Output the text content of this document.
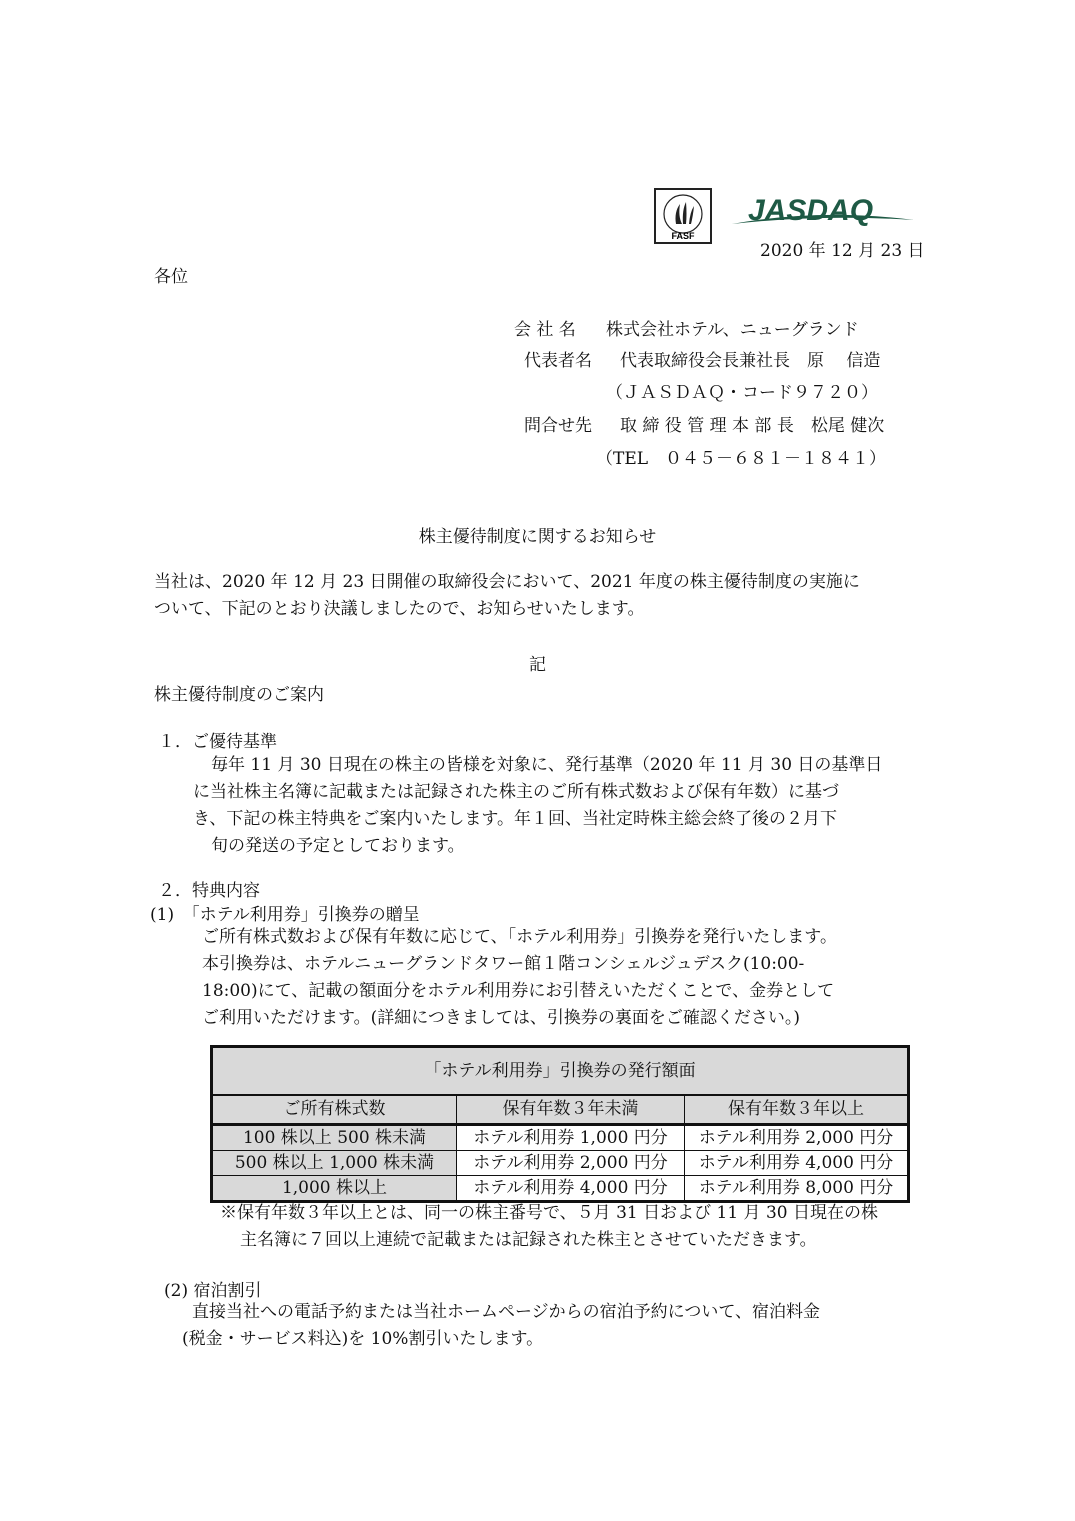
FASF
JASDAQ
2020 年 12 月 23 日
各位
会 社 名 株式会社ホテル、ニューグランド
代表者名 代表取締役会長兼社長　原　 信造
（ＪＡＳＤＡＱ・コード９７２０）
問合せ先 取 締 役 管 理 本 部 長　松尾 健次
（TEL　０４５－６８１－１８４１）
株主優待制度に関するお知らせ
当社は、2020 年 12 月 23 日開催の取締役会において、2021 年度の株主優待制度の実施に
ついて、下記のとおり決議しましたので、お知らせいたします。
記
株主優待制度のご案内
１．ご優待基準
毎年 11 月 30 日現在の株主の皆様を対象に、発行基準（2020 年 11 月 30 日の基準日
に当社株主名簿に記載または記録された株主のご所有株式数および保有年数）に基づ
き、下記の株主特典をご案内いたします。年１回、当社定時株主総会終了後の２月下
旬の発送の予定としております。
２．特典内容
(1)　「ホテル利用券」引換券の贈呈
ご所有株式数および保有年数に応じて、「ホテル利用券」引換券を発行いたします。
本引換券は、ホテルニューグランドタワー館１階コンシェルジュデスク(10:00-
18:00)にて、記載の額面分をホテル利用券にお引替えいただくことで、金券として
ご利用いただけます。(詳細につきましては、引換券の裏面をご確認ください。)
「ホテル利用券」引換券の発行額面
ご所有株式数	保有年数３年未満	保有年数３年以上
100 株以上 500 株未満	ホテル利用券 1,000 円分	ホテル利用券 2,000 円分
500 株以上 1,000 株未満	ホテル利用券 2,000 円分	ホテル利用券 4,000 円分
1,000 株以上	ホテル利用券 4,000 円分	ホテル利用券 8,000 円分
※保有年数３年以上とは、同一の株主番号で、５月 31 日および 11 月 30 日現在の株
主名簿に７回以上連続で記載または記録された株主とさせていただきます。
(2) 宿泊割引
直接当社への電話予約または当社ホームページからの宿泊予約について、宿泊料金
(税金・サービス料込)を 10%割引いたします。
